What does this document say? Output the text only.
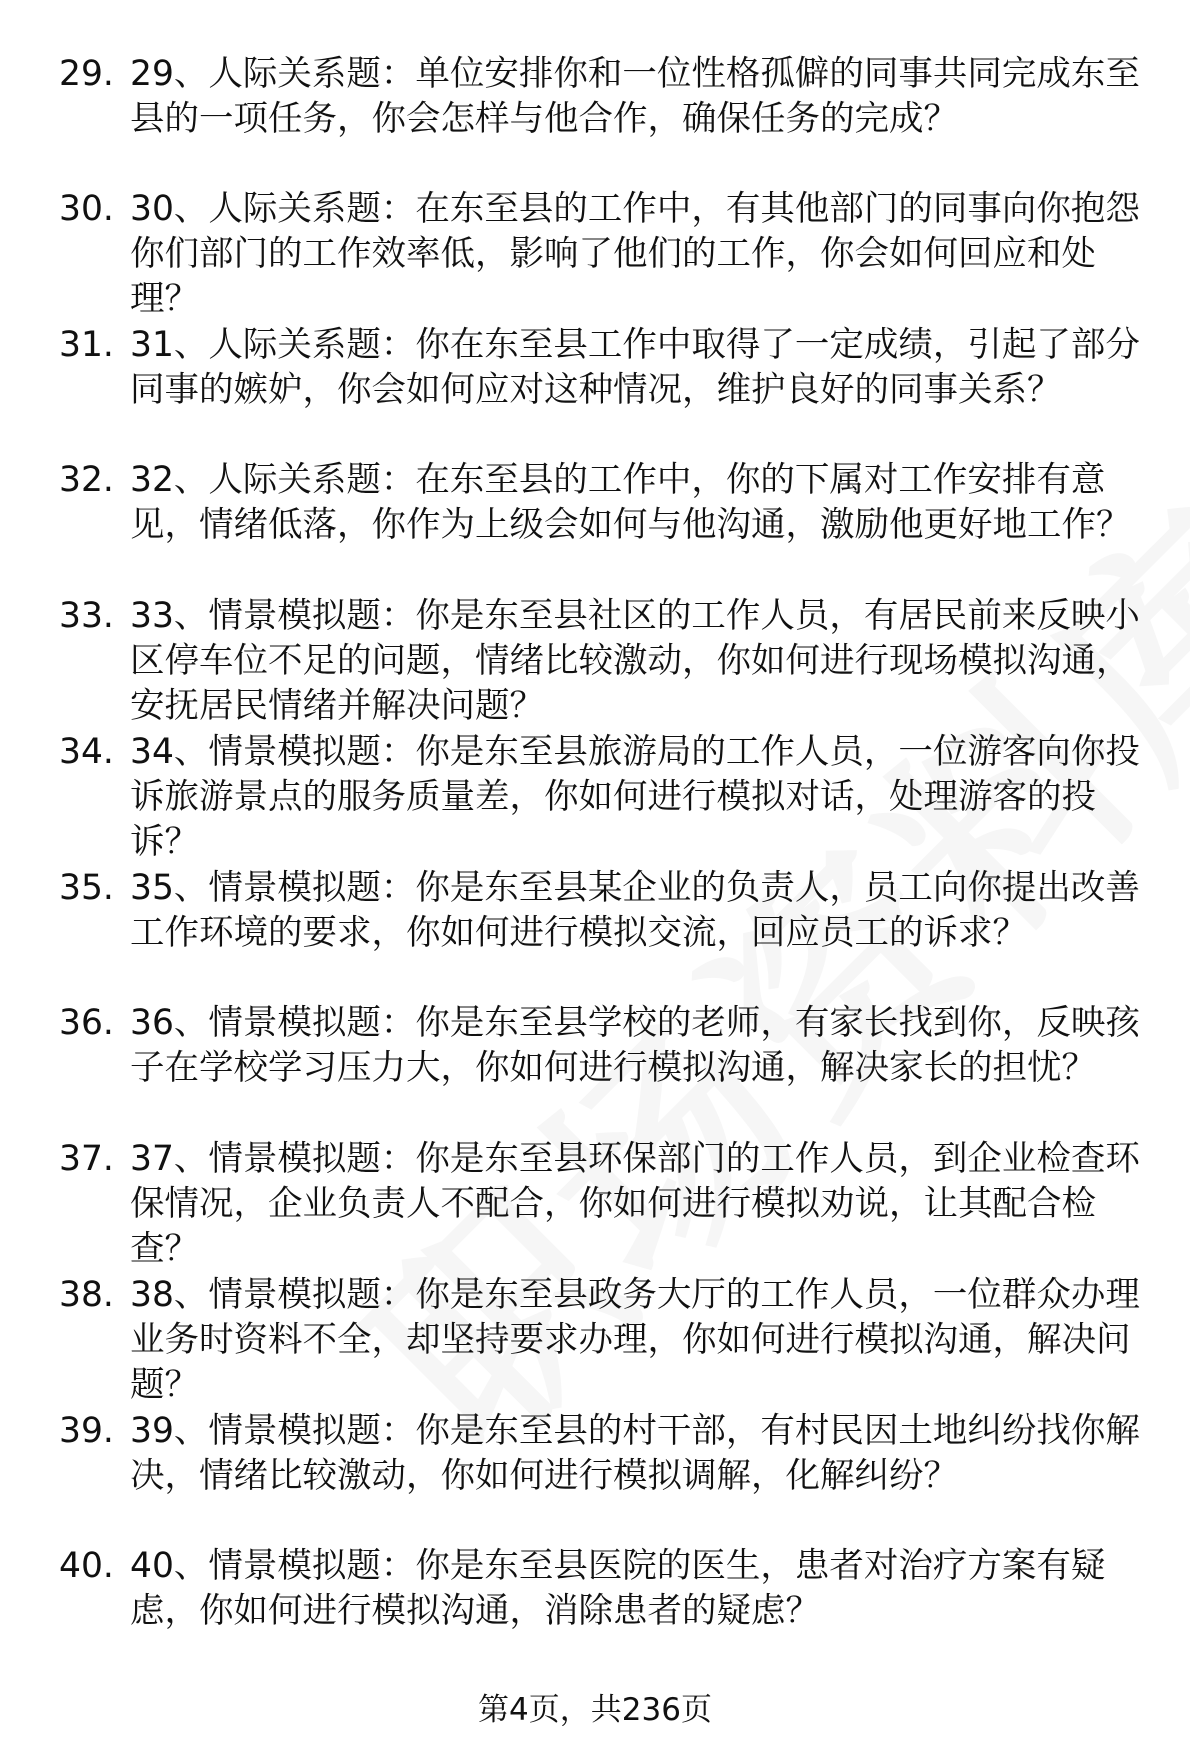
29. 29、人际关系题：单位安排你和一位性格孤僻的同事共同完成东至县的一项任务，你会怎样与他合作，确保任务的完成？
30. 30、人际关系题：在东至县的工作中，有其他部门的同事向你抱怨你们部门的工作效率低，影响了他们的工作，你会如何回应和处理？
31. 31、人际关系题：你在东至县工作中取得了一定成绩，引起了部分同事的嫉妒，你会如何应对这种情况，维护良好的同事关系？
32. 32、人际关系题：在东至县的工作中，你的下属对工作安排有意见，情绪低落，你作为上级会如何与他沟通，激励他更好地工作？
33. 33、情景模拟题：你是东至县社区的工作人员，有居民前来反映小区停车位不足的问题，情绪比较激动，你如何进行现场模拟沟通，安抚居民情绪并解决问题？
34. 34、情景模拟题：你是东至县旅游局的工作人员，一位游客向你投诉旅游景点的服务质量差，你如何进行模拟对话，处理游客的投诉？
35. 35、情景模拟题：你是东至县某企业的负责人，员工向你提出改善工作环境的要求，你如何进行模拟交流，回应员工的诉求？
36. 36、情景模拟题：你是东至县学校的老师，有家长找到你，反映孩子在学校学习压力大，你如何进行模拟沟通，解决家长的担忧？
37. 37、情景模拟题：你是东至县环保部门的工作人员，到企业检查环保情况，企业负责人不配合，你如何进行模拟劝说，让其配合检查？
38. 38、情景模拟题：你是东至县政务大厅的工作人员，一位群众办理业务时资料不全，却坚持要求办理，你如何进行模拟沟通，解决问题？
39. 39、情景模拟题：你是东至县的村干部，有村民因土地纠纷找你解决，情绪比较激动，你如何进行模拟调解，化解纠纷？
40. 40、情景模拟题：你是东至县医院的医生，患者对治疗方案有疑虑，你如何进行模拟沟通，消除患者的疑虑？
第4页，共236页
